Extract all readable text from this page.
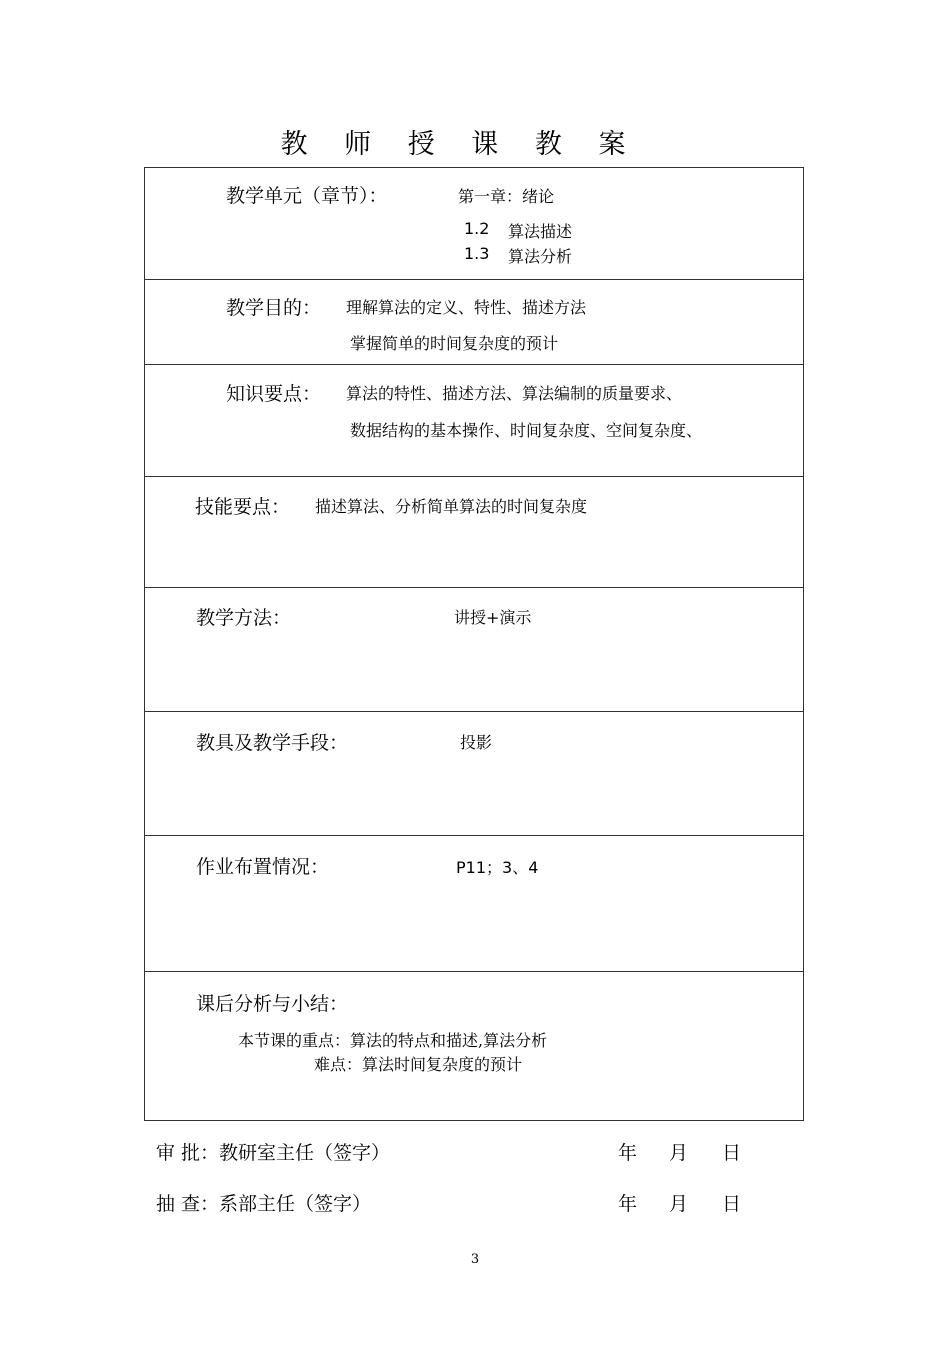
教 师 授 课 教 案
教学单元（章节）：	第一章：绪论
1.2 算法描述
1.3 算法分析
教学目的： 理解算法的定义、特性、描述方法
掌握简单的时间复杂度的预计
知识要点： 算法的特性、描述方法、算法编制的质量要求、
数据结构的基本操作、时间复杂度、空间复杂度、
技能要点： 描述算法、分析简单算法的时间复杂度
教学方法：	讲授+演示
教具及教学手段：	投影
作业布置情况：	P11；3、4
课后分析与小结：
本节课的重点：算法的特点和描述,算法分析
难点：算法时间复杂度的预计
审 批：教研室主任（签字）	年 月 日
抽 查：系部主任（签字）	年 月 日
3
